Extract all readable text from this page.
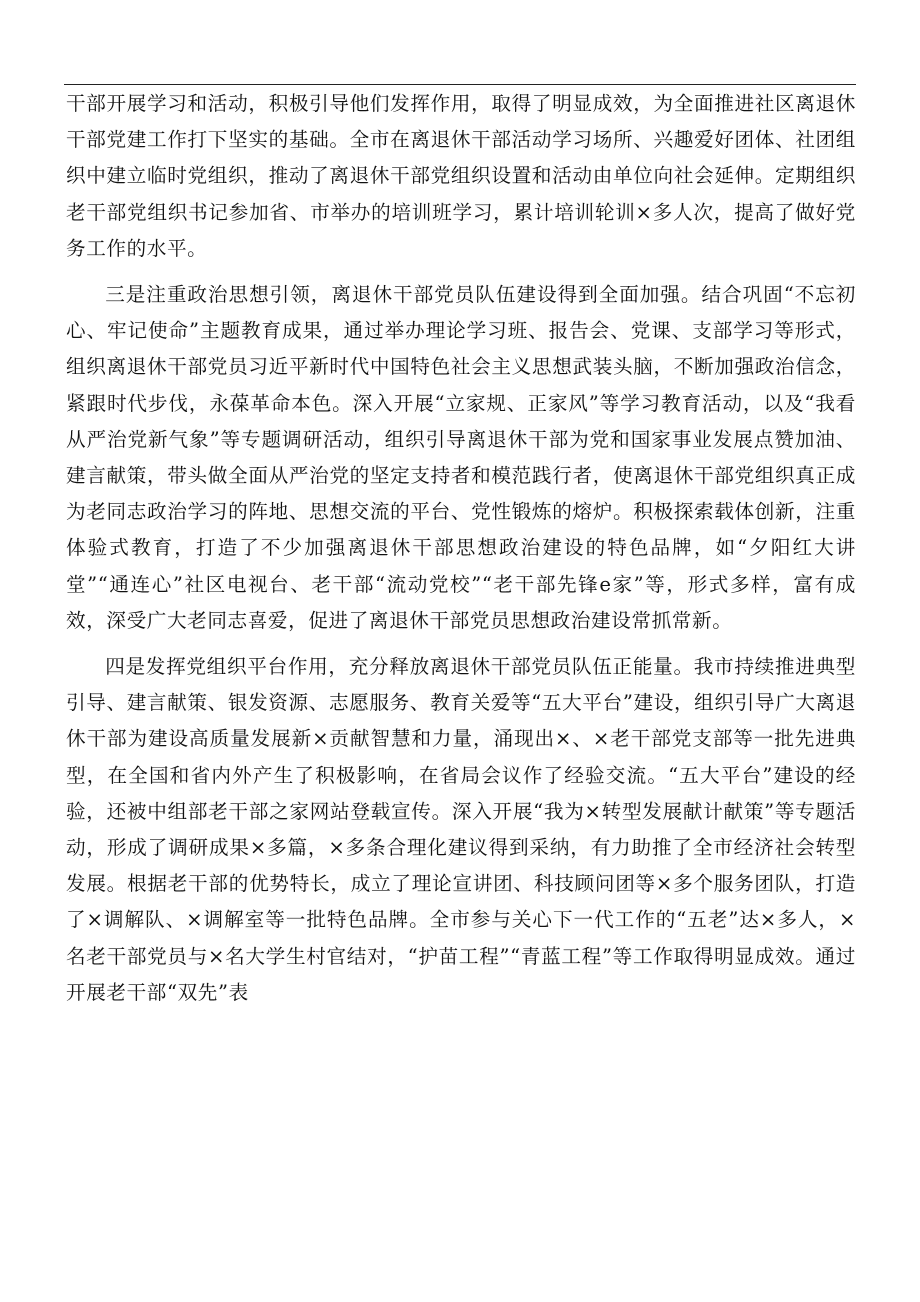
干部开展学习和活动，积极引导他们发挥作用，取得了明显成效，为全面推进社区离退休干部党建工作打下坚实的基础。全市在离退休干部活动学习场所、兴趣爱好团体、社团组织中建立临时党组织，推动了离退休干部党组织设置和活动由单位向社会延伸。定期组织老干部党组织书记参加省、市举办的培训班学习，累计培训轮训×多人次，提高了做好党务工作的水平。

三是注重政治思想引领，离退休干部党员队伍建设得到全面加强。结合巩固“不忘初心、牢记使命”主题教育成果，通过举办理论学习班、报告会、党课、支部学习等形式，组织离退休干部党员习近平新时代中国特色社会主义思想武装头脑，不断加强政治信念，紧跟时代步伐，永葆革命本色。深入开展“立家规、正家风”等学习教育活动，以及“我看从严治党新气象”等专题调研活动，组织引导离退休干部为党和国家事业发展点赞加油、建言献策，带头做全面从严治党的坚定支持者和模范践行者，使离退休干部党组织真正成为老同志政治学习的阵地、思想交流的平台、党性锻炼的熔炉。积极探索载体创新，注重体验式教育，打造了不少加强离退休干部思想政治建设的特色品牌，如“夕阳红大讲堂”“通连心”社区电视台、老干部“流动党校”“老干部先锋e家”等，形式多样，富有成效，深受广大老同志喜爱，促进了离退休干部党员思想政治建设常抓常新。

四是发挥党组织平台作用，充分释放离退休干部党员队伍正能量。我市持续推进典型引导、建言献策、银发资源、志愿服务、教育关爱等“五大平台”建设，组织引导广大离退休干部为建设高质量发展新×贡献智慧和力量，涌现出×、×老干部党支部等一批先进典型，在全国和省内外产生了积极影响，在省局会议作了经验交流。“五大平台”建设的经验，还被中组部老干部之家网站登载宣传。深入开展“我为×转型发展献计献策”等专题活动，形成了调研成果×多篇，×多条合理化建议得到采纳，有力助推了全市经济社会转型发展。根据老干部的优势特长，成立了理论宣讲团、科技顾问团等×多个服务团队，打造了×调解队、×调解室等一批特色品牌。全市参与关心下一代工作的“五老”达×多人，×名老干部党员与×名大学生村官结对，“护苗工程”“青蓝工程”等工作取得明显成效。通过开展老干部“双先”表
